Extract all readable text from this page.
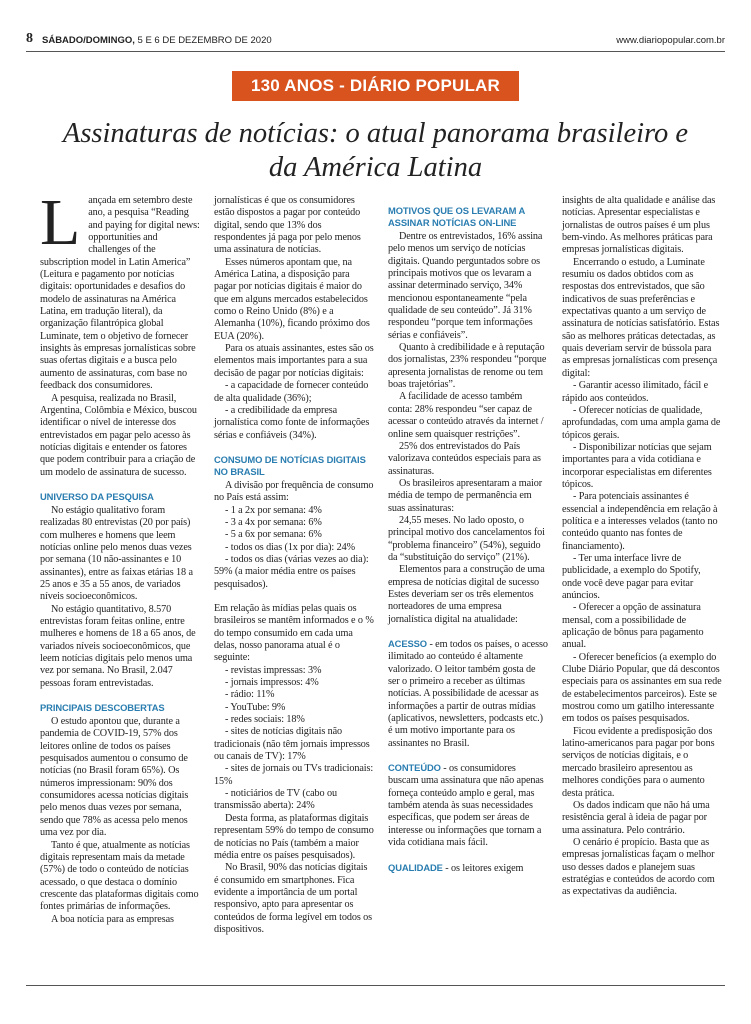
8 SÁBADO/DOMINGO, 5 E 6 DE DEZEMBRO DE 2020	www.diariopopular.com.br
130 ANOS - DIÁRIO POPULAR
Assinaturas de notícias: o atual panorama brasileiro e da América Latina

Lançada em setembro deste ano, a pesquisa “Reading and paying for digital news: opportunities and challenges of the subscription model in Latin America” (Leitura e pagamento por notícias digitais: oportunidades e desafios do modelo de assinaturas na América Latina, em tradução literal), da organização filantrópica global Luminate, tem o objetivo de fornecer insights às empresas jornalísticas sobre suas ofertas digitais e a busca pelo aumento de assinaturas, com base no feedback dos consumidores.

A pesquisa, realizada no Brasil, Argentina, Colômbia e México, buscou identificar o nível de interesse dos entrevistados em pagar pelo acesso às notícias digitais e entender os fatores que podem contribuir para a criação de um modelo de assinatura de sucesso.

UNIVERSO DA PESQUISA

No estágio qualitativo foram realizadas 80 entrevistas (20 por país) com mulheres e homens que leem notícias online pelo menos duas vezes por semana (10 não-assinantes e 10 assinantes), entre as faixas etárias 18 a 25 anos e 35 a 55 anos, de variados níveis socioeconômicos.

No estágio quantitativo, 8.570 entrevistas foram feitas online, entre mulheres e homens de 18 a 65 anos, de variados níveis socioeconômicos, que leem notícias digitais pelo menos uma vez por semana. No Brasil, 2.047 pessoas foram entrevistadas.

PRINCIPAIS DESCOBERTAS

O estudo apontou que, durante a pandemia de COVID-19, 57% dos leitores online de todos os países pesquisados aumentou o consumo de notícias (no Brasil foram 65%). Os números impressionam: 90% dos consumidores acessa notícias digitais pelo menos duas vezes por semana, sendo que 78% as acessa pelo menos uma vez por dia.

Tanto é que, atualmente as notícias digitais representam mais da metade (57%) de todo o conteúdo de notícias acessado, o que destaca o domínio crescente das plataformas digitais como fontes primárias de informações.

A boa notícia para as empresas

jornalísticas é que os consumidores estão dispostos a pagar por conteúdo digital, sendo que 13% dos respondentes já paga por pelo menos uma assinatura de notícias.

Esses números apontam que, na América Latina, a disposição para pagar por notícias digitais é maior do que em alguns mercados estabelecidos como o Reino Unido (8%) e a Alemanha (10%), ficando próximo dos EUA (20%).

Para os atuais assinantes, estes são os elementos mais importantes para a sua decisão de pagar por notícias digitais:

- a capacidade de fornecer conteúdo de alta qualidade (36%);

- a credibilidade da empresa jornalística como fonte de informações sérias e confiáveis (34%).

CONSUMO DE NOTÍCIAS DIGITAIS NO BRASIL

A divisão por frequência de consumo no País está assim:

- 1 a 2x por semana: 4%

- 3 a 4x por semana: 6%

- 5 a 6x por semana: 6%

- todos os dias (1x por dia): 24%

- todos os dias (várias vezes ao dia): 59% (a maior média entre os países pesquisados).

Em relação às mídias pelas quais os brasileiros se mantêm informados e o % do tempo consumido em cada uma delas, nosso panorama atual é o seguinte:

- revistas impressas: 3%

- jornais impressos: 4%

- rádio: 11%

- YouTube: 9%

- redes sociais: 18%

- sites de notícias digitais não tradicionais (não têm jornais impressos ou canais de TV): 17%

- sites de jornais ou TVs tradicionais: 15%

- noticiários de TV (cabo ou transmissão aberta): 24%

Desta forma, as plataformas digitais representam 59% do tempo de consumo de notícias no País (também a maior média entre os países pesquisados).

No Brasil, 90% das notícias digitais é consumido em smartphones. Fica evidente a importância de um portal responsivo, apto para apresentar os conteúdos de forma legível em todos os dispositivos.

MOTIVOS QUE OS LEVARAM A ASSINAR NOTÍCIAS ON-LINE

Dentre os entrevistados, 16% assina pelo menos um serviço de notícias digitais. Quando perguntados sobre os principais motivos que os levaram a assinar determinado serviço, 34% mencionou espontaneamente “pela qualidade de seu conteúdo”. Já 31% respondeu “porque tem informações sérias e confiáveis”.

Quanto à credibilidade e à reputação dos jornalistas, 23% respondeu “porque apresenta jornalistas de renome ou tem boas trajetórias”.

A facilidade de acesso também conta: 28% respondeu “ser capaz de acessar o conteúdo através da internet / online sem quaisquer restrições”.

25% dos entrevistados do País valorizava conteúdos especiais para as assinaturas.

Os brasileiros apresentaram a maior média de tempo de permanência em suas assinaturas:

24,55 meses. No lado oposto, o principal motivo dos cancelamentos foi “problema financeiro” (54%), seguido da “substituição do serviço” (21%).

Elementos para a construção de uma empresa de notícias digital de sucesso Estes deveriam ser os três elementos norteadores de uma empresa jornalística digital na atualidade:

ACESSO - em todos os países, o acesso ilimitado ao conteúdo é altamente valorizado. O leitor também gosta de ser o primeiro a receber as últimas notícias. A possibilidade de acessar as informações a partir de outras mídias (aplicativos, newsletters, podcasts etc.) é um motivo importante para os assinantes no Brasil.

CONTEÚDO - os consumidores buscam uma assinatura que não apenas forneça conteúdo amplo e geral, mas também atenda às suas necessidades específicas, que podem ser áreas de interesse ou informações que tornam a vida cotidiana mais fácil.

QUALIDADE - os leitores exigem

insights de alta qualidade e análise das notícias. Apresentar especialistas e jornalistas de outros países é um plus bem-vindo. As melhores práticas para empresas jornalísticas digitais.

Encerrando o estudo, a Luminate resumiu os dados obtidos com as respostas dos entrevistados, que são indicativos de suas preferências e expectativas quanto a um serviço de assinatura de notícias satisfatório. Estas são as melhores práticas detectadas, as quais deveriam servir de bússola para as empresas jornalísticas com presença digital:

- Garantir acesso ilimitado, fácil e rápido aos conteúdos.

- Oferecer notícias de qualidade, aprofundadas, com uma ampla gama de tópicos gerais.

- Disponibilizar notícias que sejam importantes para a vida cotidiana e incorporar especialistas em diferentes tópicos.

- Para potenciais assinantes é essencial a independência em relação à política e a interesses velados (tanto no conteúdo quanto nas fontes de financiamento).

- Ter uma interface livre de publicidade, a exemplo do Spotify, onde você deve pagar para evitar anúncios.

- Oferecer a opção de assinatura mensal, com a possibilidade de aplicação de bônus para pagamento anual.

- Oferecer benefícios (a exemplo do Clube Diário Popular, que dá descontos especiais para os assinantes em sua rede de estabelecimentos parceiros). Este se mostrou como um gatilho interessante em todos os países pesquisados.

Ficou evidente a predisposição dos latino-americanos para pagar por bons serviços de notícias digitais, e o mercado brasileiro apresentou as melhores condições para o aumento desta prática.

Os dados indicam que não há uma resistência geral à ideia de pagar por uma assinatura. Pelo contrário.

O cenário é propício. Basta que as empresas jornalísticas façam o melhor uso desses dados e planejem suas estratégias e conteúdos de acordo com as expectativas da audiência.
